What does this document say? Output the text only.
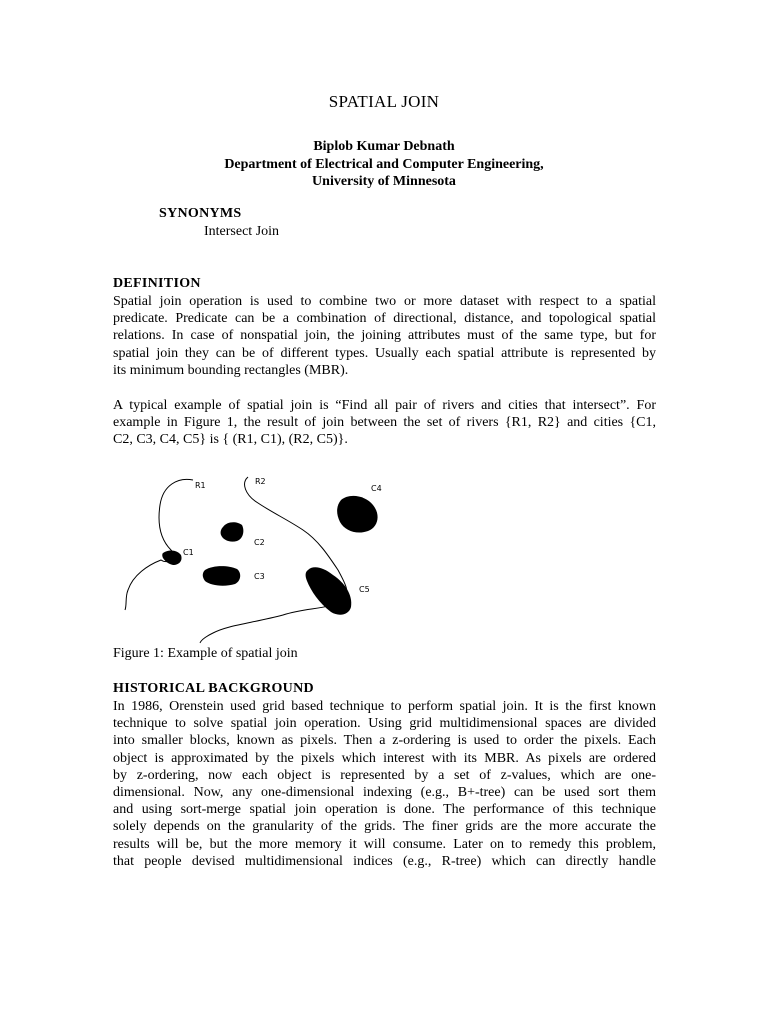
SPATIAL JOIN
Biplob Kumar Debnath
Department of Electrical and Computer Engineering,
University of Minnesota
SYNONYMS
Intersect Join
DEFINITION
Spatial join operation is used to combine two or more dataset with respect to a spatial
predicate. Predicate can be a combination of directional, distance, and topological spatial
relations. In case of nonspatial join, the joining attributes must of the same type, but for
spatial join they can be of different types. Usually each spatial attribute is represented by
its minimum bounding rectangles (MBR).
A typical example of spatial join is “Find all pair of rivers and cities that intersect”. For
example in Figure 1, the result of join between the set of rivers {R1, R2} and cities {C1,
C2, C3, C4, C5} is { (R1, C1), (R2, C5)}.
R1	R2
C1
C2
C3
C4
C5
Figure 1: Example of spatial join
HISTORICAL BACKGROUND
In 1986, Orenstein used grid based technique to perform spatial join. It is the first known
technique to solve spatial join operation. Using grid multidimensional spaces are divided
into smaller blocks, known as pixels. Then a z-ordering is used to order the pixels. Each
object is approximated by the pixels which interest with its MBR. As pixels are ordered
by z-ordering, now each object is represented by a set of z-values, which are one-
dimensional. Now, any one-dimensional indexing (e.g., B+-tree) can be used sort them
and using sort-merge spatial join operation is done. The performance of this technique
solely depends on the granularity of the grids. The finer grids are the more accurate the
results will be, but the more memory it will consume. Later on to remedy this problem,
that people devised multidimensional indices (e.g., R-tree) which can directly handle
